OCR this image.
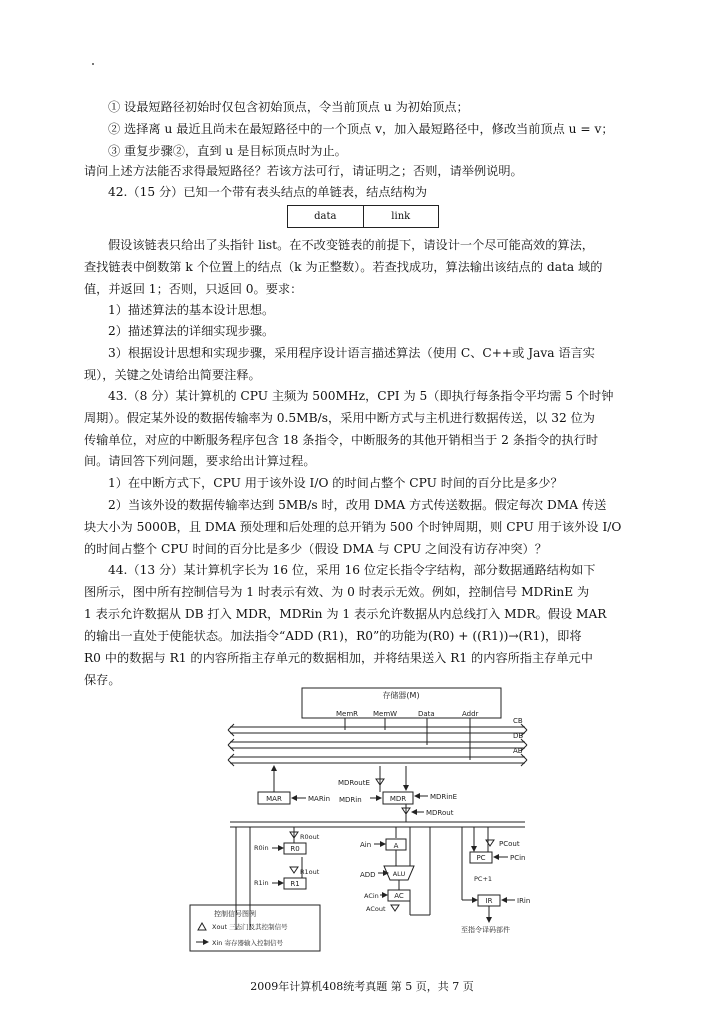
① 设最短路径初始时仅包含初始顶点，令当前顶点 u 为初始顶点；
② 选择离 u 最近且尚未在最短路径中的一个顶点 v，加入最短路径中，修改当前顶点 u = v；
③ 重复步骤②，直到 u 是目标顶点时为止。
请问上述方法能否求得最短路径？若该方法可行，请证明之；否则，请举例说明。
42.（15 分）已知一个带有表头结点的单链表，结点结构为
data	link
假设该链表只给出了头指针 list。在不改变链表的前提下，请设计一个尽可能高效的算法，
查找链表中倒数第 k 个位置上的结点（k 为正整数）。若查找成功，算法输出该结点的 data 域的
值，并返回 1；否则，只返回 0。要求：
1）描述算法的基本设计思想。
2）描述算法的详细实现步骤。
3）根据设计思想和实现步骤，采用程序设计语言描述算法（使用 C、C++或 Java 语言实
现），关键之处请给出简要注释。
43.（8 分）某计算机的 CPU 主频为 500MHz，CPI 为 5（即执行每条指令平均需 5 个时钟
周期）。假定某外设的数据传输率为 0.5MB/s，采用中断方式与主机进行数据传送，以 32 位为
传输单位，对应的中断服务程序包含 18 条指令，中断服务的其他开销相当于 2 条指令的执行时
间。请回答下列问题，要求给出计算过程。
1）在中断方式下，CPU 用于该外设 I/O 的时间占整个 CPU 时间的百分比是多少？
2）当该外设的数据传输率达到 5MB/s 时，改用 DMA 方式传送数据。假定每次 DMA 传送
块大小为 5000B，且 DMA 预处理和后处理的总开销为 500 个时钟周期，则 CPU 用于该外设 I/O
的时间占整个 CPU 时间的百分比是多少（假设 DMA 与 CPU 之间没有访存冲突）？
44.（13 分）某计算机字长为 16 位，采用 16 位定长指令字结构，部分数据通路结构如下
图所示，图中所有控制信号为 1 时表示有效、为 0 时表示无效。例如，控制信号 MDRinE 为
1 表示允许数据从 DB 打入 MDR，MDRin 为 1 表示允许数据从内总线打入 MDR。假设 MAR
的输出一直处于使能状态。加法指令“ADD (R1)，R0”的功能为(R0) + ((R1))→(R1)，即将
R0 中的数据与 R1 的内容所指主存单元的数据相加，并将结果送入 R1 的内容所指主存单元中
保存。
存储器(M)
MemR MemW	Data	Addr
CB
DB
AB
MAR	MARin	MDR
MDRoutE
MDRin	MDRinE
MDRout
R0
R0in
R0out
R1
R1in
R1out
A
Ain
ALU
ADD
AC
ACin
ACout
PC
PCout
PCin
PC+1
IR	IRin
至指令译码部件
控制信号图例
Xout 三态门及其控制信号
Xin 寄存器输入控制信号
2009年计算机408统考真题 第 5 页，共 7 页
